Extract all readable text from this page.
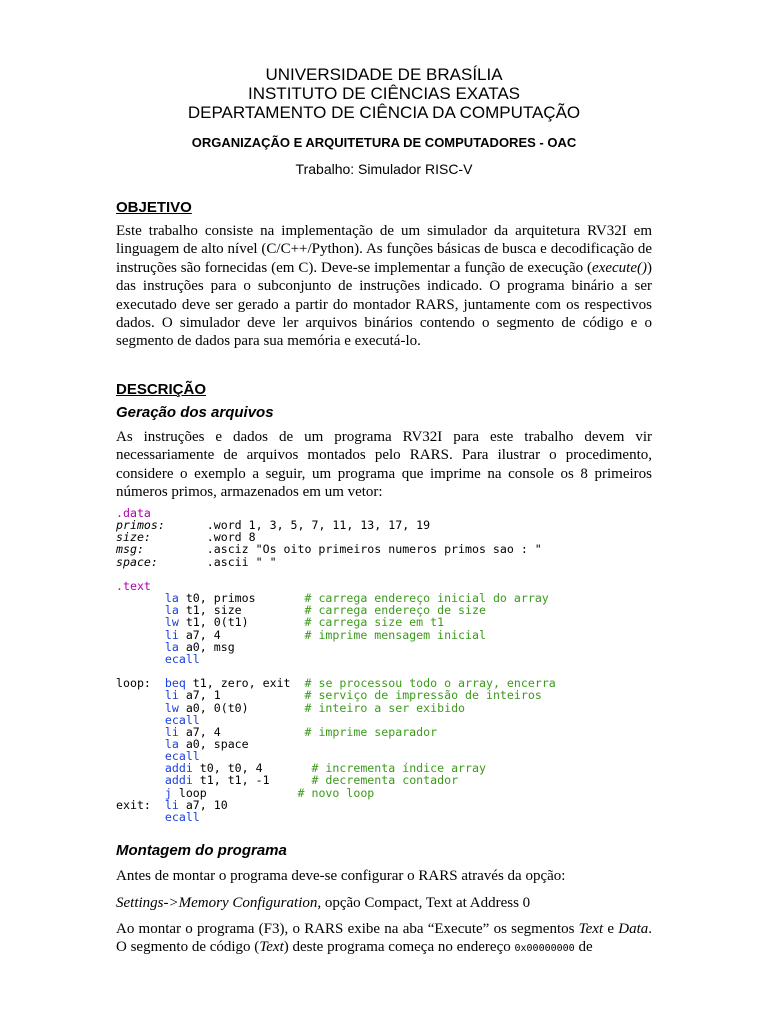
UNIVERSIDADE DE BRASÍLIA
INSTITUTO DE CIÊNCIAS EXATAS
DEPARTAMENTO DE CIÊNCIA DA COMPUTAÇÃO
ORGANIZAÇÃO E ARQUITETURA DE COMPUTADORES - OAC
Trabalho: Simulador RISC-V
OBJETIVO
Este trabalho consiste na implementação de um simulador da arquitetura RV32I em linguagem de alto nível (C/C++/Python). As funções básicas de busca e decodificação de instruções são fornecidas (em C). Deve-se implementar a função de execução (execute()) das instruções para o subconjunto de instruções indicado. O programa binário a ser executado deve ser gerado a partir do montador RARS, juntamente com os respectivos dados. O simulador deve ler arquivos binários contendo o segmento de código e o segmento de dados para sua memória e executá-lo.
DESCRIÇÃO
Geração dos arquivos
As instruções e dados de um programa RV32I para este trabalho devem vir necessariamente de arquivos montados pelo RARS. Para ilustrar o procedimento, considere o exemplo a seguir, um programa que imprime na console os 8 primeiros números primos, armazenados em um vetor:
.data
primos:	.word 1, 3, 5, 7, 11, 13, 17, 19
size:	.word 8
msg:	.asciz "Os oito primeiros numeros primos sao : "
space:	.ascii " "

.text
la t0, primos       # carrega endereço inicial do array
la t1, size         # carrega endereço de size
lw t1, 0(t1)        # carrega size em t1
li a7, 4            # imprime mensagem inicial
la a0, msg
ecall

loop:  beq t1, zero, exit  # se processou todo o array, encerra
li a7, 1            # serviço de impressão de inteiros
lw a0, 0(t0)        # inteiro a ser exibido
ecall
li a7, 4            # imprime separador
la a0, space
ecall
addi t0, t0, 4       # incrementa índice array
addi t1, t1, -1      # decrementa contador
j loop             # novo loop
exit:  li a7, 10
ecall
Montagem do programa
Antes de montar o programa deve-se configurar o RARS através da opção:
Settings->Memory Configuration, opção Compact, Text at Address 0
Ao montar o programa (F3), o RARS exibe na aba “Execute” os segmentos Text e Data. O segmento de código (Text) deste programa começa no endereço 0x00000000 de
